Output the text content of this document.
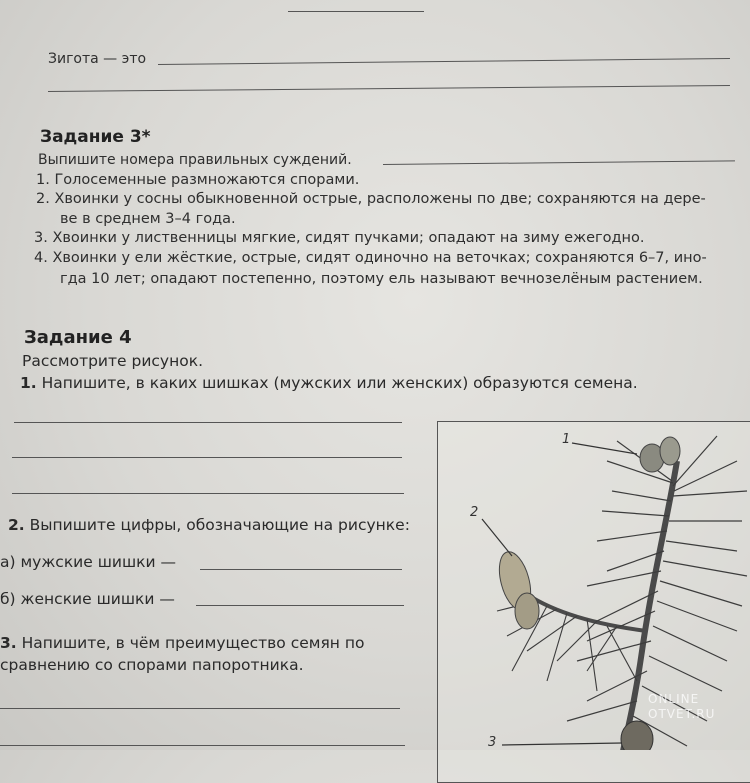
Зигота — это
Задание 3*
Выпишите номера правильных суждений.
1. Голосеменные размножаются спорами.
2. Хвоинки у сосны обыкновенной острые, расположены по две; сохраняются на дере-
ве в среднем 3–4 года.
3. Хвоинки у лиственницы мягкие, сидят пучками; опадают на зиму ежегодно.
4. Хвоинки у ели жёсткие, острые, сидят одиночно на веточках; сохраняются 6–7, ино-
гда 10 лет; опадают постепенно, поэтому ель называют вечнозелёным растением.
Задание 4
Рассмотрите рисунок.
1. Напишите, в каких шишках (мужских или женских) образуются семена.
2. Выпишите цифры, обозначающие на рисунке:
а) мужские шишки —
б) женские шишки —
3. Напишите, в чём преимущество семян по
сравнению со спорами папоротника.
1
2
3
ONLINE
OTVET.RU
